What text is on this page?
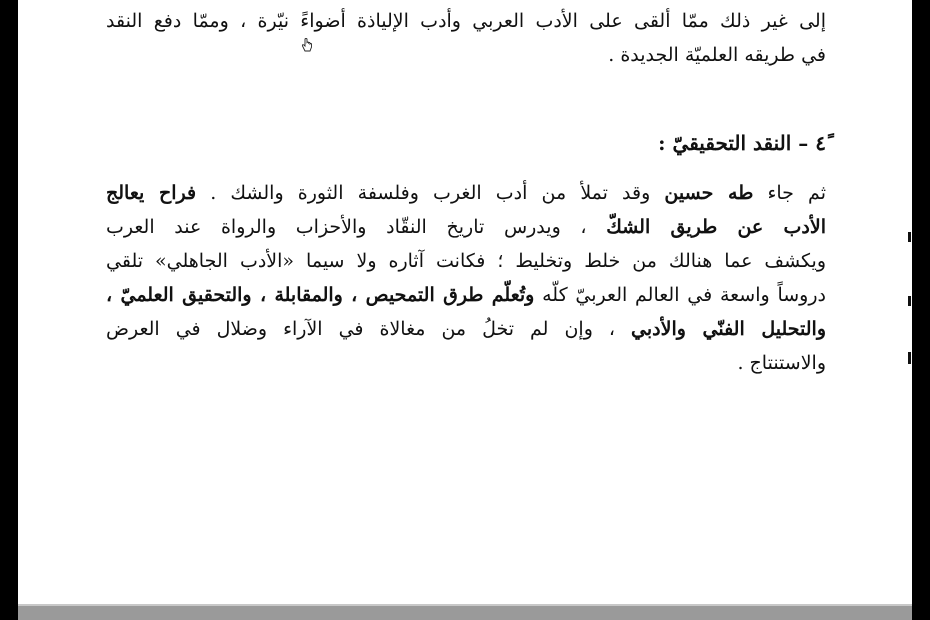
إلى غير ذلك ممّا ألقى على الأدب العربي وأدب الإلياذة أضواءً نيّرة ، وممّا دفع النقد
في طريقه العلميّة الجديدة .
٤ً – النقد التحقيقيّ :
ثم جاء طه حسين وقد تملأ من أدب الغرب وفلسفة الثورة والشك . فراح يعالج
الأدب عن طريق الشكّ ، ويدرس تاريخ النقّاد والأحزاب والرواة عند العرب
ويكشف عما هنالك من خلط وتخليط ؛ فكانت آثاره ولا سيما «الأدب الجاهلي» تلقي
دروساً واسعة في العالم العربيّ كلّه وتُعلّم طرق التمحيص ، والمقابلة ، والتحقيق العلميّ ،
والتحليل الفنّي والأدبي ، وإن لم تخلُ من مغالاة في الآراء وضلال في العرض
والاستنتاج .
